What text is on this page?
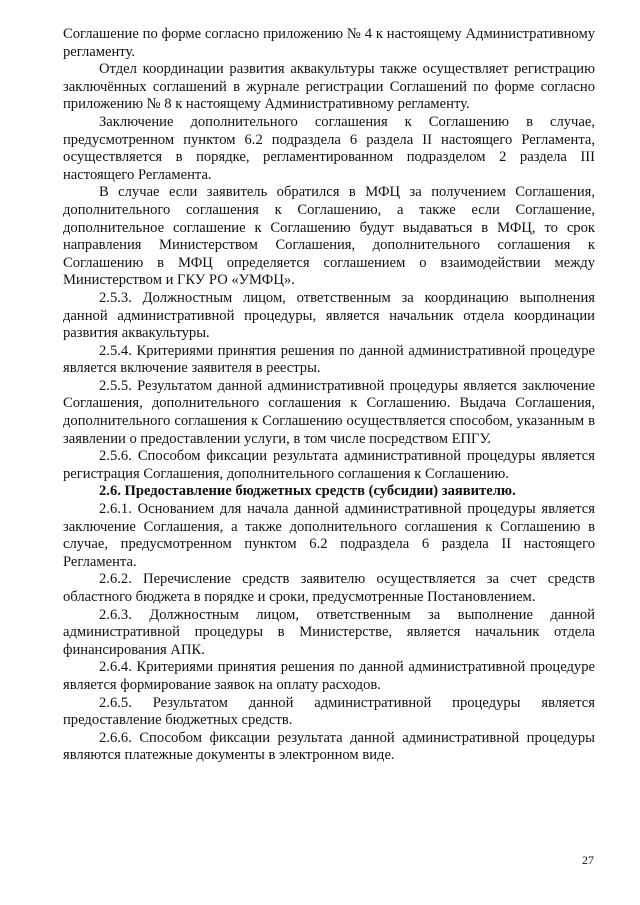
Соглашение по форме согласно приложению № 4 к настоящему Административному регламенту.

Отдел координации развития аквакультуры также осуществляет регистрацию заключённых соглашений в журнале регистрации Соглашений по форме согласно приложению № 8 к настоящему Административному регламенту.

Заключение дополнительного соглашения к Соглашению в случае, предусмотренном пунктом 6.2 подраздела 6 раздела II настоящего Регламента, осуществляется в порядке, регламентированном подразделом 2 раздела III настоящего Регламента.

В случае если заявитель обратился в МФЦ за получением Соглашения, дополнительного соглашения к Соглашению, а также если Соглашение, дополнительное соглашение к Соглашению будут выдаваться в МФЦ, то срок направления Министерством Соглашения, дополнительного соглашения к Соглашению в МФЦ определяется соглашением о взаимодействии между Министерством и ГКУ РО «УМФЦ».

2.5.3. Должностным лицом, ответственным за координацию выполнения данной административной процедуры, является начальник отдела координации развития аквакультуры.

2.5.4. Критериями принятия решения по данной административной процедуре является включение заявителя в реестры.

2.5.5. Результатом данной административной процедуры является заключение Соглашения, дополнительного соглашения к Соглашению. Выдача Соглашения, дополнительного соглашения к Соглашению осуществляется способом, указанным в заявлении о предоставлении услуги, в том числе посредством ЕПГУ.

2.5.6. Способом фиксации результата административной процедуры является регистрация Соглашения, дополнительного соглашения к Соглашению.

2.6. Предоставление бюджетных средств (субсидии) заявителю.

2.6.1. Основанием для начала данной административной процедуры является заключение Соглашения, а также дополнительного соглашения к Соглашению в случае, предусмотренном пунктом 6.2 подраздела 6 раздела II настоящего Регламента.

2.6.2. Перечисление средств заявителю осуществляется за счет средств областного бюджета в порядке и сроки, предусмотренные Постановлением.

2.6.3. Должностным лицом, ответственным за выполнение данной административной процедуры в Министерстве, является начальник отдела финансирования АПК.

2.6.4. Критериями принятия решения по данной административной процедуре является формирование заявок на оплату расходов.

2.6.5. Результатом данной административной процедуры является предоставление бюджетных средств.

2.6.6. Способом фиксации результата данной административной процедуры являются платежные документы в электронном виде.

27
